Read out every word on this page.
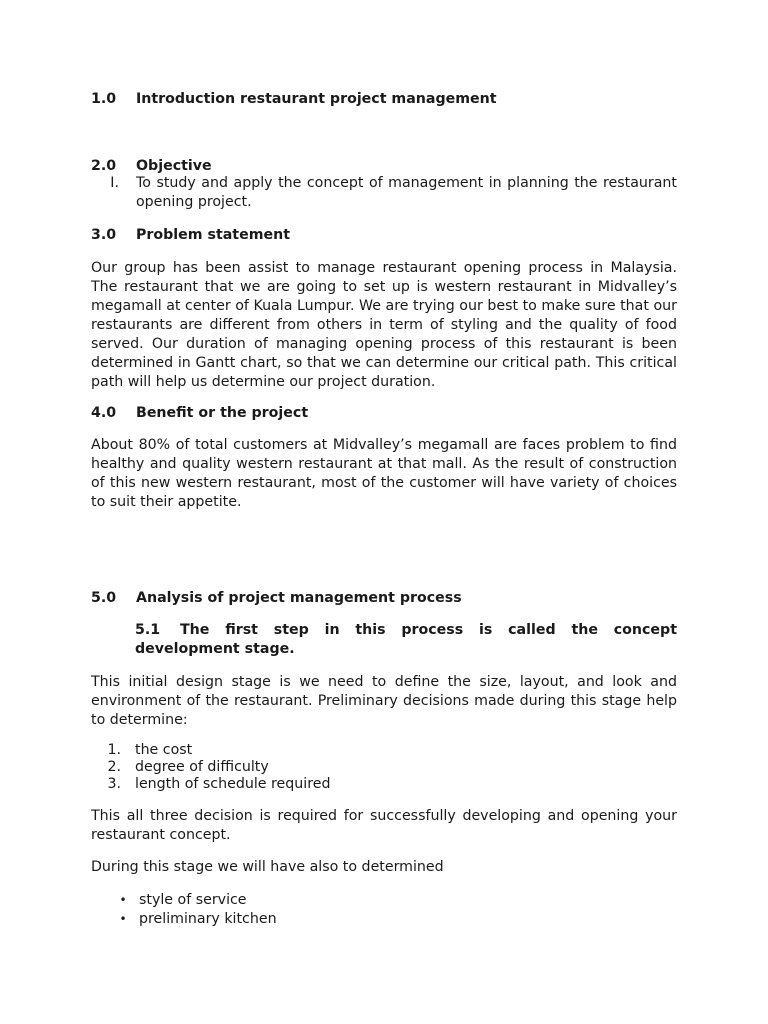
1.0 Introduction restaurant project management
2.0 Objective
I. To study and apply the concept of management in planning the restaurant opening project.
3.0 Problem statement

Our group has been assist to manage restaurant opening process in Malaysia. The restaurant that we are going to set up is western restaurant in Midvalley’s megamall at center of Kuala Lumpur. We are trying our best to make sure that our restaurants are different from others in term of styling and the quality of food served. Our duration of managing opening process of this restaurant is been determined in Gantt chart, so that we can determine our critical path. This critical path will help us determine our project duration.

4.0 Benefit or the project

About 80% of total customers at Midvalley’s megamall are faces problem to find healthy and quality western restaurant at that mall. As the result of construction of this new western restaurant, most of the customer will have variety of choices to suit their appetite.

5.0 Analysis of project management process
5.1 The first step in this process is called the concept development stage.

This initial design stage is we need to define the size, layout, and look and environment of the restaurant. Preliminary decisions made during this stage help to determine:

1. the cost
2. degree of difficulty
3. length of schedule required

This all three decision is required for successfully developing and opening your restaurant concept.

During this stage we will have also to determined

• style of service
• preliminary kitchen
